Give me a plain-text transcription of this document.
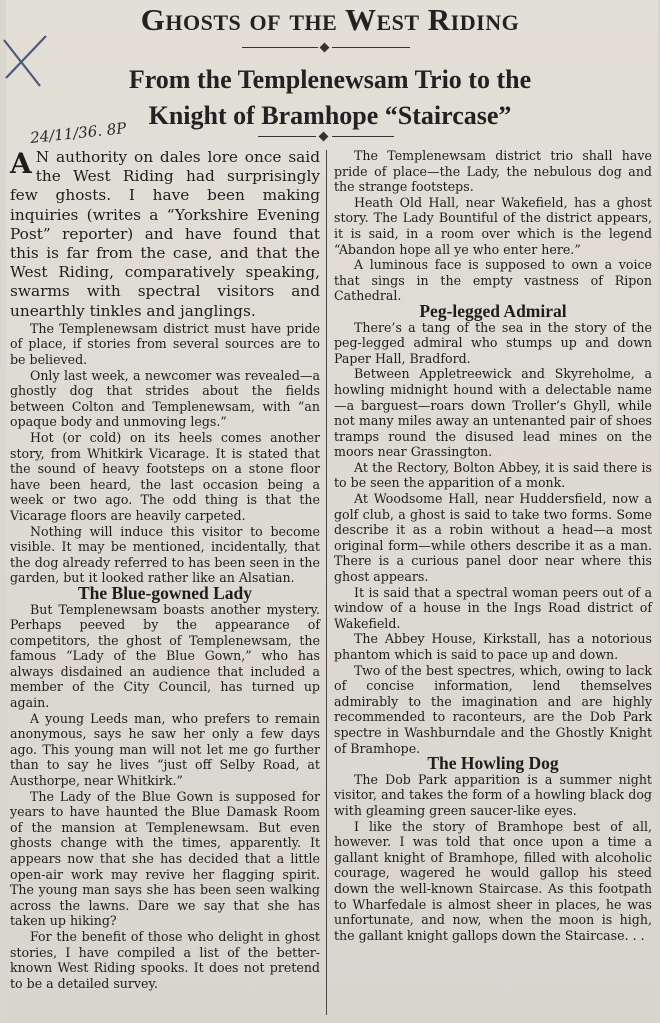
Ghosts of the West Riding
From the Templenewsam Trio to the
Knight of Bramhope “Staircase”
24/11/36. 8P

A N authority on dales lore once said the West Riding had surprisingly few ghosts. I have been making inquiries (writes a “Yorkshire Evening Post” reporter) and have found that this is far from the case, and that the West Riding, comparatively speaking, swarms with spectral visitors and unearthly tinkles and janglings.

The Templenewsam district must have pride of place, if stories from several sources are to be believed.

Only last week, a newcomer was revealed—a ghostly dog that strides about the fields between Colton and Templenewsam, with “an opaque body and unmoving legs.”

Hot (or cold) on its heels comes another story, from Whitkirk Vicarage. It is stated that the sound of heavy footsteps on a stone floor have been heard, the last occasion being a week or two ago. The odd thing is that the Vicarage floors are heavily carpeted.

Nothing will induce this visitor to become visible. It may be mentioned, incidentally, that the dog already referred to has been seen in the garden, but it looked rather like an Alsatian.

The Blue-gowned Lady

But Templenewsam boasts another mystery. Perhaps peeved by the appearance of competitors, the ghost of Templenewsam, the famous “Lady of the Blue Gown,” who has always disdained an audience that included a member of the City Council, has turned up again.

A young Leeds man, who prefers to remain anonymous, says he saw her only a few days ago. This young man will not let me go further than to say he lives “just off Selby Road, at Austhorpe, near Whitkirk.”

The Lady of the Blue Gown is supposed for years to have haunted the Blue Damask Room of the mansion at Templenewsam. But even ghosts change with the times, apparently. It appears now that she has decided that a little open-air work may revive her flagging spirit. The young man says she has been seen walking across the lawns. Dare we say that she has taken up hiking?

For the benefit of those who delight in ghost stories, I have compiled a list of the better-known West Riding spooks. It does not pretend to be a detailed survey.

The Templenewsam district trio shall have pride of place—the Lady, the nebulous dog and the strange footsteps.

Heath Old Hall, near Wakefield, has a ghost story. The Lady Bountiful of the district appears, it is said, in a room over which is the legend “Abandon hope all ye who enter here.”

A luminous face is supposed to own a voice that sings in the empty vastness of Ripon Cathedral.

Peg-legged Admiral

There’s a tang of the sea in the story of the peg-legged admiral who stumps up and down Paper Hall, Bradford.

Between Appletreewick and Skyreholme, a howling midnight hound with a delectable name—a barguest—roars down Troller’s Ghyll, while not many miles away an untenanted pair of shoes tramps round the disused lead mines on the moors near Grassington.

At the Rectory, Bolton Abbey, it is said there is to be seen the apparition of a monk.

At Woodsome Hall, near Huddersfield, now a golf club, a ghost is said to take two forms. Some describe it as a robin without a head—a most original form—while others describe it as a man. There is a curious panel door near where this ghost appears.

It is said that a spectral woman peers out of a window of a house in the Ings Road district of Wakefield.

The Abbey House, Kirkstall, has a notorious phantom which is said to pace up and down.

Two of the best spectres, which, owing to lack of concise information, lend themselves admirably to the imagination and are highly recommended to raconteurs, are the Dob Park spectre in Washburndale and the Ghostly Knight of Bramhope.

The Howling Dog

The Dob Park apparition is a summer night visitor, and takes the form of a howling black dog with gleaming green saucer-like eyes.

I like the story of Bramhope best of all, however. I was told that once upon a time a gallant knight of Bramhope, filled with alcoholic courage, wagered he would gallop his steed down the well-known Staircase. As this footpath to Wharfedale is almost sheer in places, he was unfortunate, and now, when the moon is high, the gallant knight gallops down the Staircase. . .
